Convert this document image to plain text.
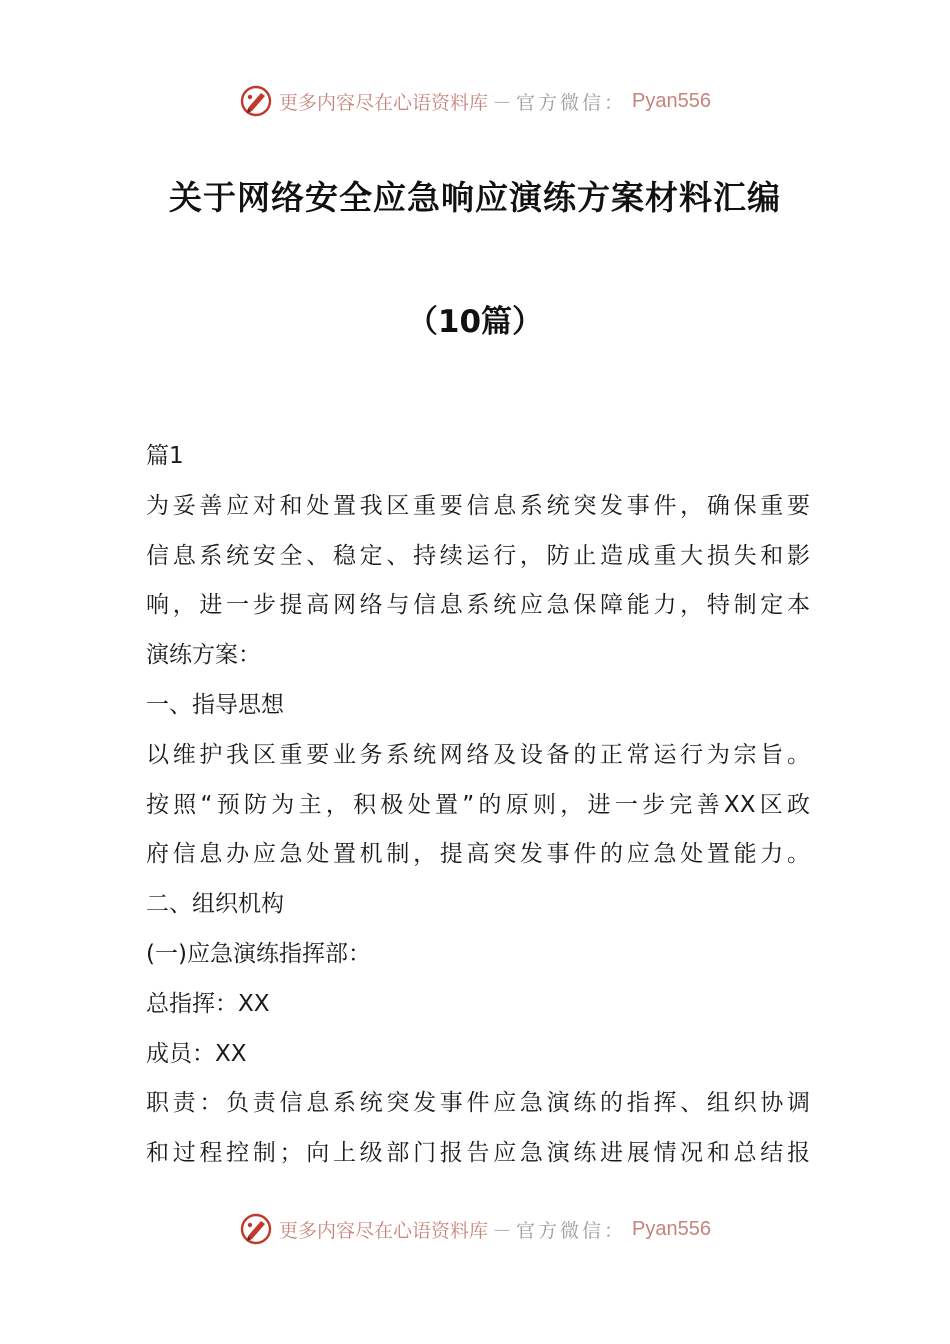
更多内容尽在心语资料库 — 官方微信： Pyan556
关于网络安全应急响应演练方案材料汇编
（10篇）
篇1
为妥善应对和处置我区重要信息系统突发事件，确保重要
信息系统安全、稳定、持续运行，防止造成重大损失和影
响，进一步提高网络与信息系统应急保障能力，特制定本
演练方案：
一、指导思想
以维护我区重要业务系统网络及设备的正常运行为宗旨。
按照“预防为主，积极处置”的原则，进一步完善XX区政
府信息办应急处置机制，提高突发事件的应急处置能力。
二、组织机构
(一)应急演练指挥部：
总指挥：XX
成员：XX
职责：负责信息系统突发事件应急演练的指挥、组织协调
和过程控制；向上级部门报告应急演练进展情况和总结报
更多内容尽在心语资料库 — 官方微信： Pyan556
